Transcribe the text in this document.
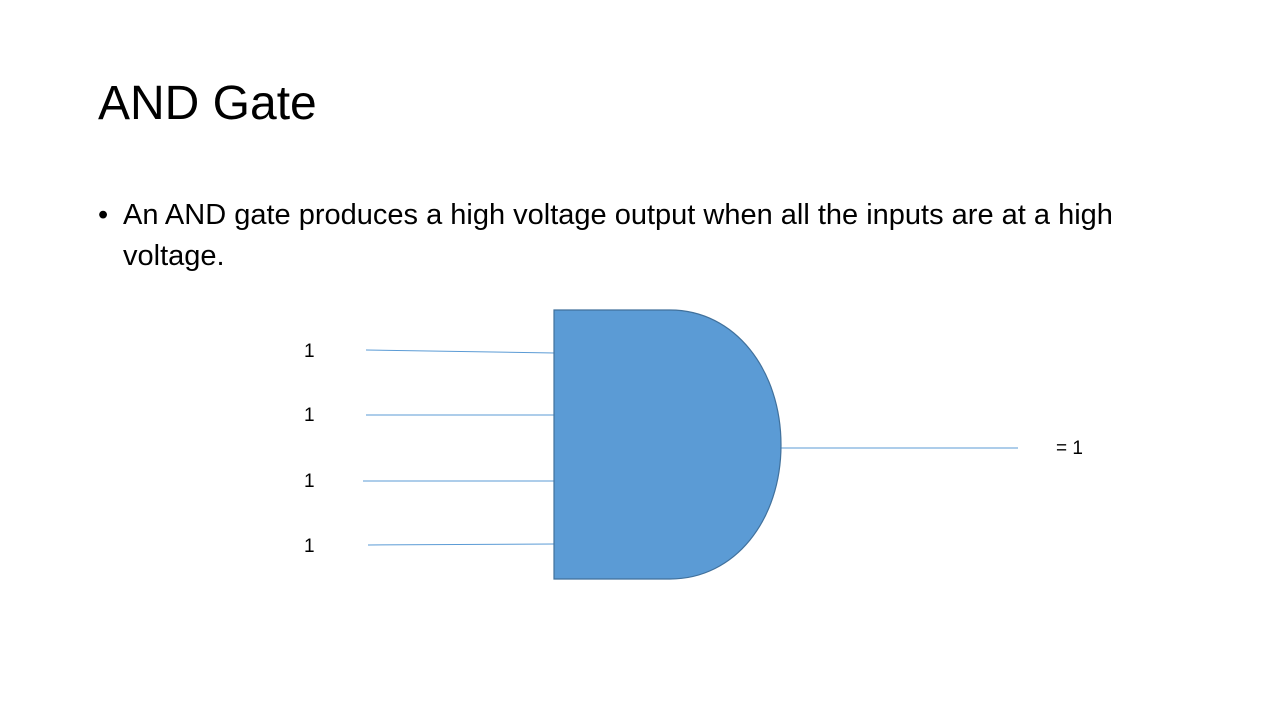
AND Gate
• An AND gate produces a high voltage output when all the inputs are at a high voltage.
1
1
1
1
= 1
